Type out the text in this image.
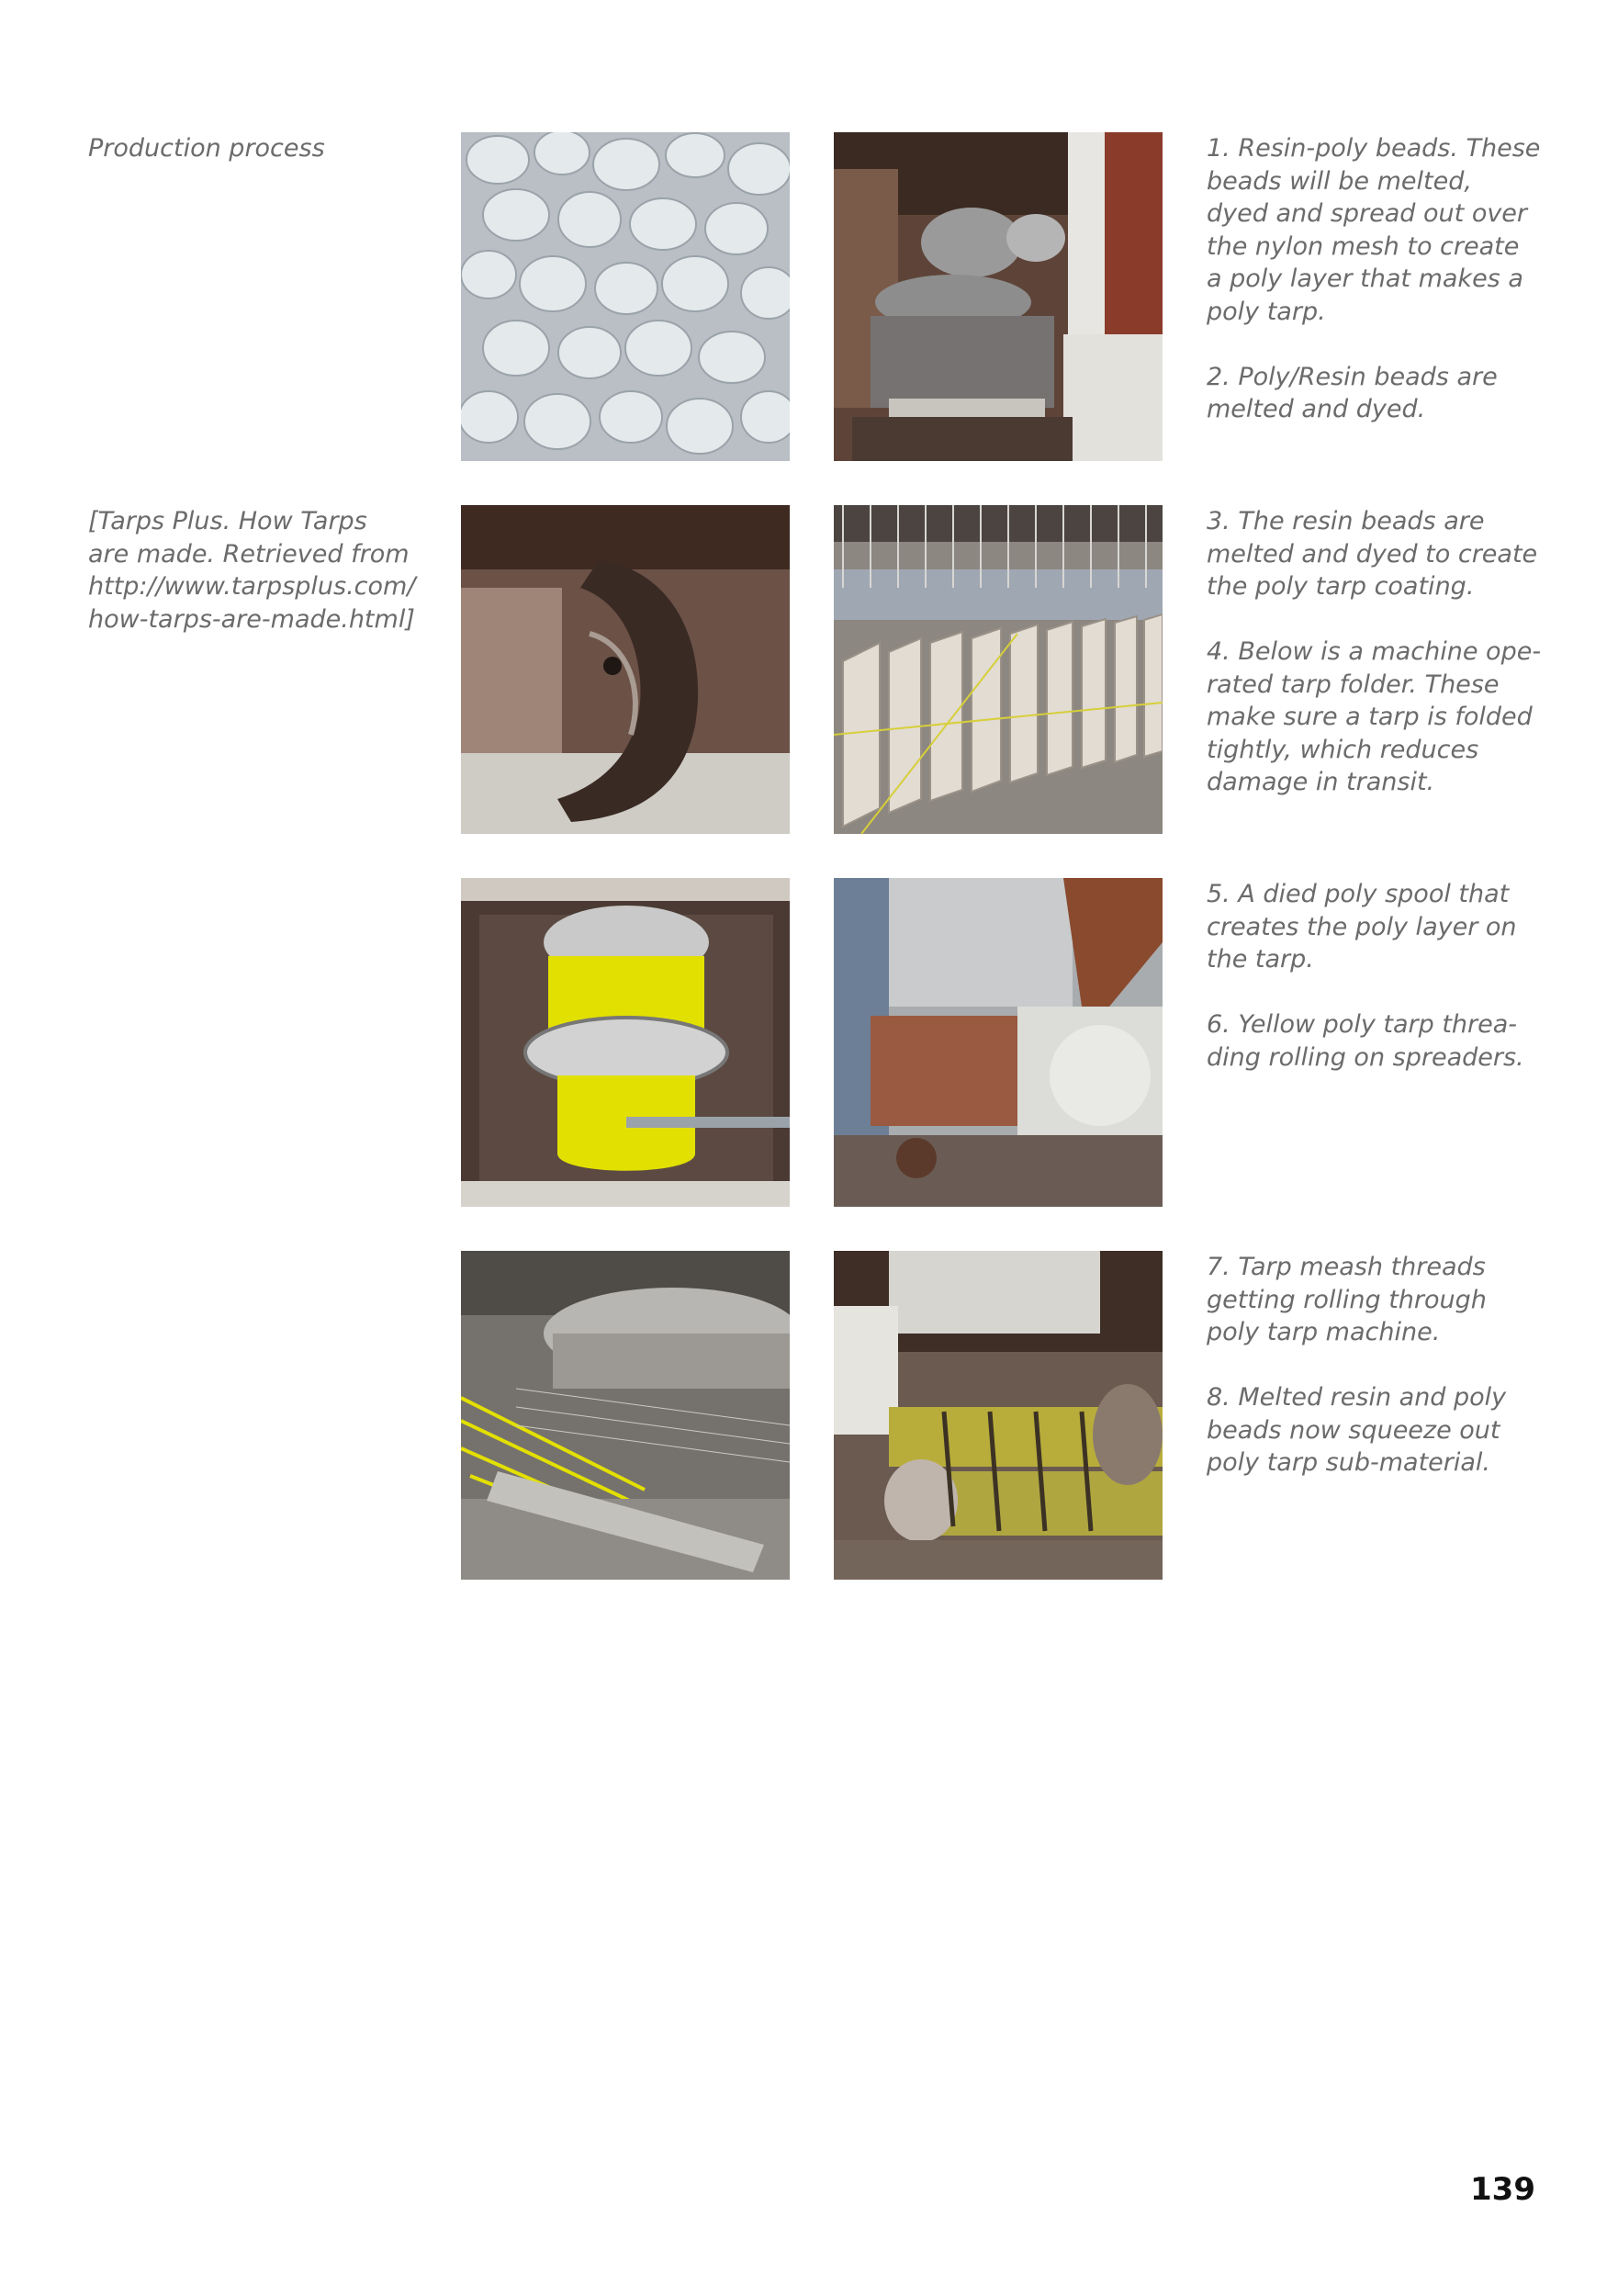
Production process

[Tarps Plus. How Tarps
are made. Retrieved from
http://www.tarpsplus.com/
how-tarps-are-made.html]

1. Resin-poly beads. These
beads will be melted,
dyed and spread out over
the nylon mesh to create
a poly layer that makes a
poly tarp.

2. Poly/Resin beads are
melted and dyed.

3. The resin beads are
melted and dyed to create
the poly tarp coating.

4. Below is a machine ope-
rated tarp folder. These
make sure a tarp is folded
tightly, which reduces
damage in transit.

5. A died poly spool that
creates the poly layer on
the tarp.

6. Yellow poly tarp threa-
ding rolling on spreaders.

7. Tarp meash threads
getting rolling through
poly tarp machine.

8. Melted resin and poly
beads now squeeze out
poly tarp sub-material.

139
